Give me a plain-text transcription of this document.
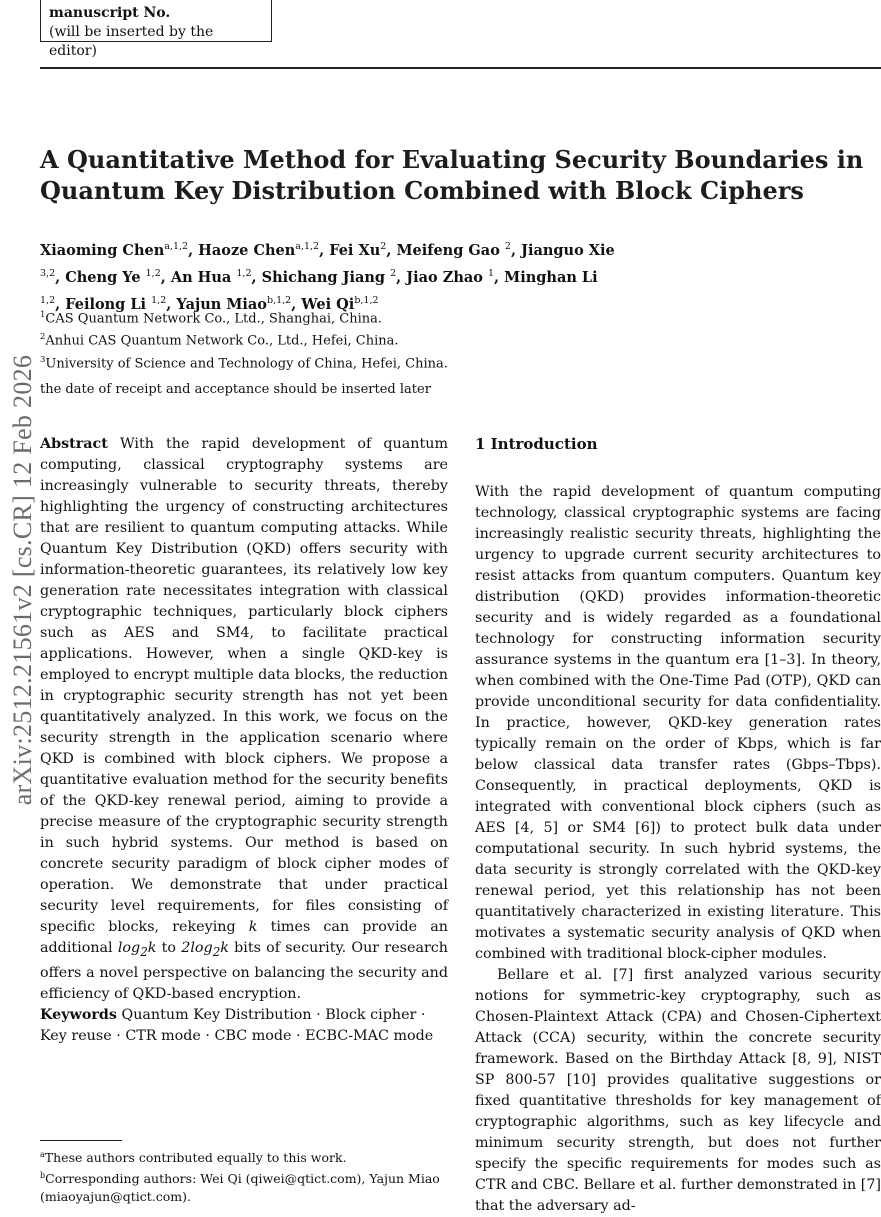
manuscript No.
(will be inserted by the editor)
arXiv:2512.21561v2 [cs.CR] 12 Feb 2026
A Quantitative Method for Evaluating Security Boundaries in
Quantum Key Distribution Combined with Block Ciphers
Xiaoming Chen$^{a,1,2}$, Haoze Chen$^{a,1,2}$, Fei Xu$^2$, Meifeng Gao $^2$, Jianguo Xie
$^{3,2}$, Cheng Ye $^{1,2}$, An Hua $^{1,2}$, Shichang Jiang $^2$, Jiao Zhao $^1$, Minghan Li
$^{1,2}$, Feilong Li $^{1,2}$, Yajun Miao$^{b,1,2}$, Wei Qi$^{b,1,2}$
$^1$CAS Quantum Network Co., Ltd., Shanghai, China.
$^2$Anhui CAS Quantum Network Co., Ltd., Hefei, China.
$^3$University of Science and Technology of China, Hefei, China.
the date of receipt and acceptance should be inserted later

Abstract With the rapid development of quantum computing, classical cryptography systems are increasingly vulnerable to security threats, thereby highlighting the urgency of constructing architectures that are resilient to quantum computing attacks. While Quantum Key Distribution (QKD) offers security with information-theoretic guarantees, its relatively low key generation rate necessitates integration with classical cryptographic techniques, particularly block ciphers such as AES and SM4, to facilitate practical applications. However, when a single QKD-key is employed to encrypt multiple data blocks, the reduction in cryptographic security strength has not yet been quantitatively analyzed. In this work, we focus on the security strength in the application scenario where QKD is combined with block ciphers. We propose a quantitative evaluation method for the security benefits of the QKD-key renewal period, aiming to provide a precise measure of the cryptographic security strength in such hybrid systems. Our method is based on concrete security paradigm of block cipher modes of operation. We demonstrate that under practical security level requirements, for files consisting of specific blocks, rekeying k times can provide an additional $\log_2k$ to $2\log_2k$ bits of security. Our research offers a novel perspective on balancing the security and efficiency of QKD-based encryption.

Keywords Quantum Key Distribution · Block cipher · Key reuse · CTR mode · CBC mode · ECBC-MAC mode

1 Introduction

With the rapid development of quantum computing technology, classical cryptographic systems are facing increasingly realistic security threats, highlighting the urgency to upgrade current security architectures to resist attacks from quantum computers. Quantum key distribution (QKD) provides information-theoretic security and is widely regarded as a foundational technology for constructing information security assurance systems in the quantum era [1–3]. In theory, when combined with the One-Time Pad (OTP), QKD can provide unconditional security for data confidentiality. In practice, however, QKD-key generation rates typically remain on the order of Kbps, which is far below classical data transfer rates (Gbps–Tbps). Consequently, in practical deployments, QKD is integrated with conventional block ciphers (such as AES [4, 5] or SM4 [6]) to protect bulk data under computational security. In such hybrid systems, the data security is strongly correlated with the QKD-key renewal period, yet this relationship has not been quantitatively characterized in existing literature. This motivates a systematic security analysis of QKD when combined with traditional block-cipher modules.

Bellare et al. [7] first analyzed various security notions for symmetric-key cryptography, such as Chosen-Plaintext Attack (CPA) and Chosen-Ciphertext Attack (CCA) security, within the concrete security framework. Based on the Birthday Attack [8, 9], NIST SP 800-57 [10] provides qualitative suggestions or fixed quantitative thresholds for key management of cryptographic algorithms, such as key lifecycle and minimum security strength, but does not further specify the specific requirements for modes such as CTR and CBC. Bellare et al. further demonstrated in [7] that the adversary ad-

$^a$These authors contributed equally to this work.
$^b$Corresponding authors: Wei Qi (qiwei@qtict.com), Yajun Miao (miaoyajun@qtict.com).
